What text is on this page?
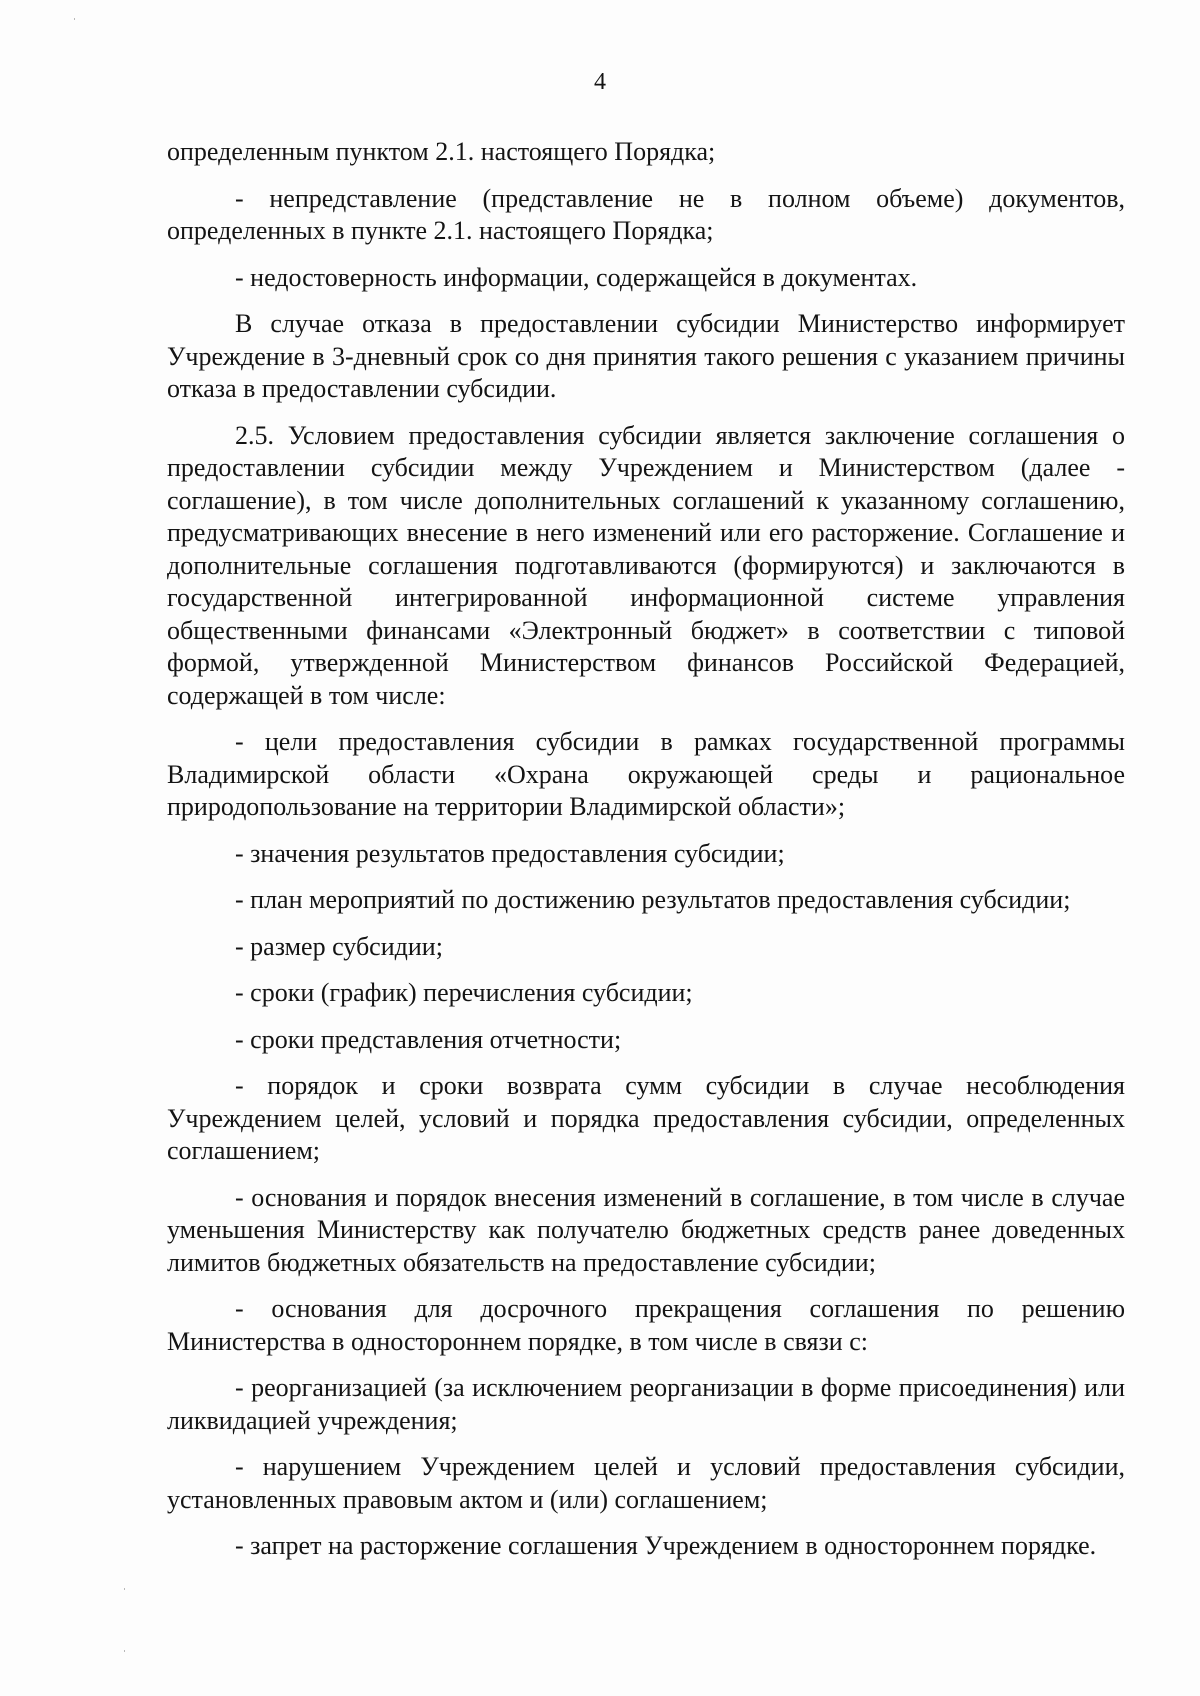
4

определенным пунктом 2.1. настоящего Порядка;

- непредставление (представление не в полном объеме) документов, определенных в пункте 2.1. настоящего Порядка;

- недостоверность информации, содержащейся в документах.

В случае отказа в предоставлении субсидии Министерство информирует Учреждение в 3-дневный срок со дня принятия такого решения с указанием причины отказа в предоставлении субсидии.

2.5. Условием предоставления субсидии является заключение соглашения о предоставлении субсидии между Учреждением и Министерством (далее - соглашение), в том числе дополнительных соглашений к указанному соглашению, предусматривающих внесение в него изменений или его расторжение. Соглашение и дополнительные соглашения подготавливаются (формируются) и заключаются в государственной интегрированной информационной системе управления общественными финансами «Электронный бюджет» в соответствии с типовой формой, утвержденной Министерством финансов Российской Федерацией, содержащей в том числе:

- цели предоставления субсидии в рамках государственной программы Владимирской области «Охрана окружающей среды и рациональное природопользование на территории Владимирской области»;

- значения результатов предоставления субсидии;

- план мероприятий по достижению результатов предоставления субсидии;

- размер субсидии;

- сроки (график) перечисления субсидии;

- сроки представления отчетности;

- порядок и сроки возврата сумм субсидии в случае несоблюдения Учреждением целей, условий и порядка предоставления субсидии, определенных соглашением;

- основания и порядок внесения изменений в соглашение, в том числе в случае уменьшения Министерству как получателю бюджетных средств ранее доведенных лимитов бюджетных обязательств на предоставление субсидии;

- основания для досрочного прекращения соглашения по решению Министерства в одностороннем порядке, в том числе в связи с:

- реорганизацией (за исключением реорганизации в форме присоединения) или ликвидацией учреждения;

- нарушением Учреждением целей и условий предоставления субсидии, установленных правовым актом и (или) соглашением;

- запрет на расторжение соглашения Учреждением в одностороннем порядке.
